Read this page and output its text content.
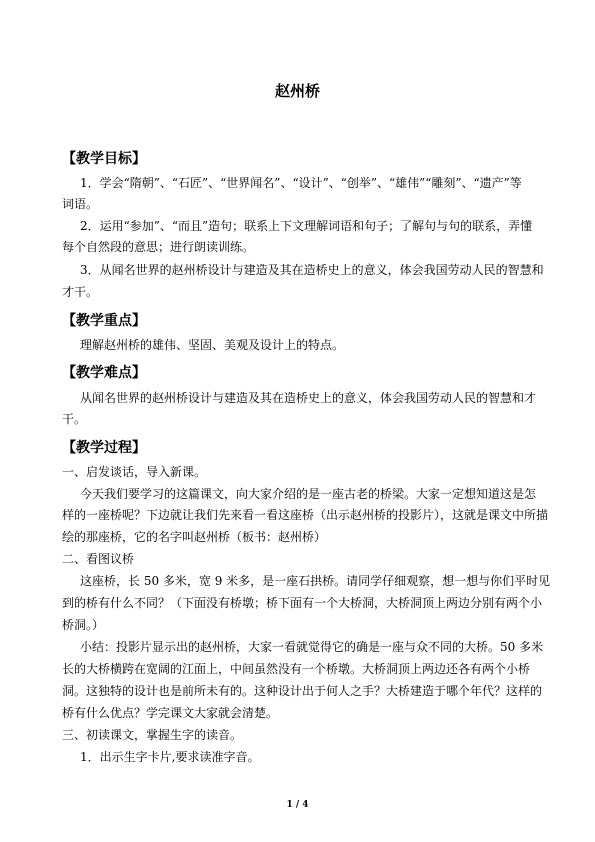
赵州桥
【教学目标】
1．学会“隋朝”、“石匠”、“世界闻名”、“设计”、“创举”、“雄伟”“雕刻”、“遗产”等
词语。
2．运用“参加”、“而且”造句；联系上下文理解词语和句子；了解句与句的联系，弄懂
每个自然段的意思；进行朗读训练。
3．从闻名世界的赵州桥设计与建造及其在造桥史上的意义，体会我国劳动人民的智慧和
才干。
【教学重点】
理解赵州桥的雄伟、坚固、美观及设计上的特点。
【教学难点】
从闻名世界的赵州桥设计与建造及其在造桥史上的意义，体会我国劳动人民的智慧和才
干。
【教学过程】
一、启发谈话，导入新课。
今天我们要学习的这篇课文，向大家介绍的是一座古老的桥梁。大家一定想知道这是怎
样的一座桥呢？下边就让我们先来看一看这座桥（出示赵州桥的投影片），这就是课文中所描
绘的那座桥，它的名字叫赵州桥（板书：赵州桥）
二、看图议桥
这座桥，长 50 多米，宽 9 米多，是一座石拱桥。请同学仔细观察，想一想与你们平时见
到的桥有什么不同？（下面没有桥墩；桥下面有一个大桥洞，大桥洞顶上两边分别有两个小
桥洞。）
小结：投影片显示出的赵州桥，大家一看就觉得它的确是一座与众不同的大桥。50 多米
长的大桥横跨在宽阔的江面上，中间虽然没有一个桥墩。大桥洞顶上两边还各有两个小桥
洞。这独特的设计也是前所未有的。这种设计出于何人之手？大桥建造于哪个年代？这样的
桥有什么优点？学完课文大家就会清楚。
三、初读课文，掌握生字的读音。
1．出示生字卡片,要求读准字音。
1 / 4
